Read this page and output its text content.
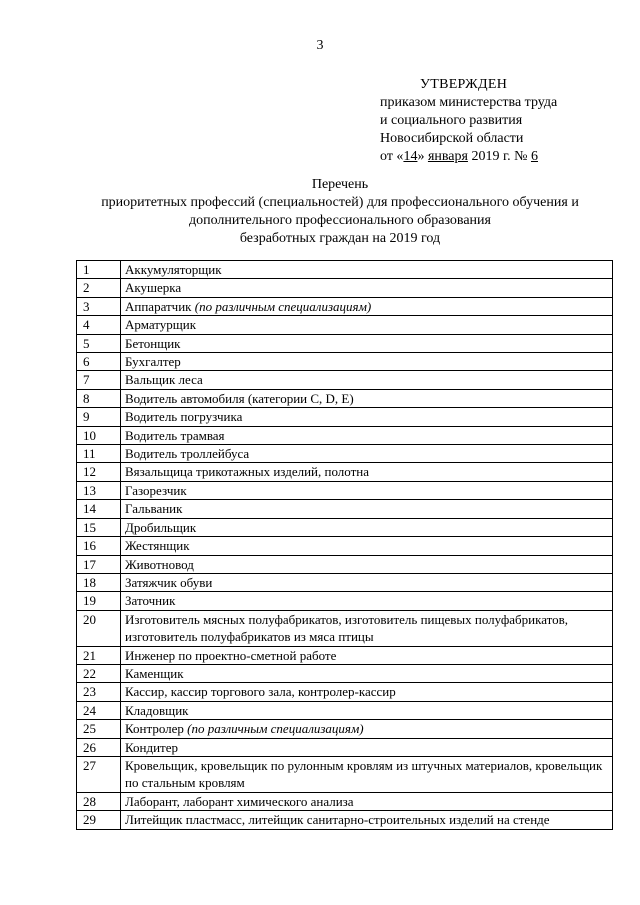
3
УТВЕРЖДЕН
приказом министерства труда
и социального развития
Новосибирской области
от «14» января 2019 г. № 6
Перечень
приоритетных профессий (специальностей) для профессионального обучения и
дополнительного профессионального образования
безработных граждан на 2019 год
1	Аккумуляторщик
2	Акушерка
3	Аппаратчик (по различным специализациям)
4	Арматурщик
5	Бетонщик
6	Бухгалтер
7	Вальщик леса
8	Водитель автомобиля (категории С, D, Е)
9	Водитель погрузчика
10	Водитель трамвая
11	Водитель троллейбуса
12	Вязальщица трикотажных изделий, полотна
13	Газорезчик
14	Гальваник
15	Дробильщик
16	Жестянщик
17	Животновод
18	Затяжчик обуви
19	Заточник
20	Изготовитель мясных полуфабрикатов, изготовитель пищевых полуфабрикатов, изготовитель полуфабрикатов из мяса птицы
21	Инженер по проектно-сметной работе
22	Каменщик
23	Кассир, кассир торгового зала, контролер-кассир
24	Кладовщик
25	Контролер (по различным специализациям)
26	Кондитер
27	Кровельщик, кровельщик по рулонным кровлям из штучных материалов, кровельщик по стальным кровлям
28	Лаборант, лаборант химического анализа
29	Литейщик пластмасс, литейщик санитарно-строительных изделий на стенде
